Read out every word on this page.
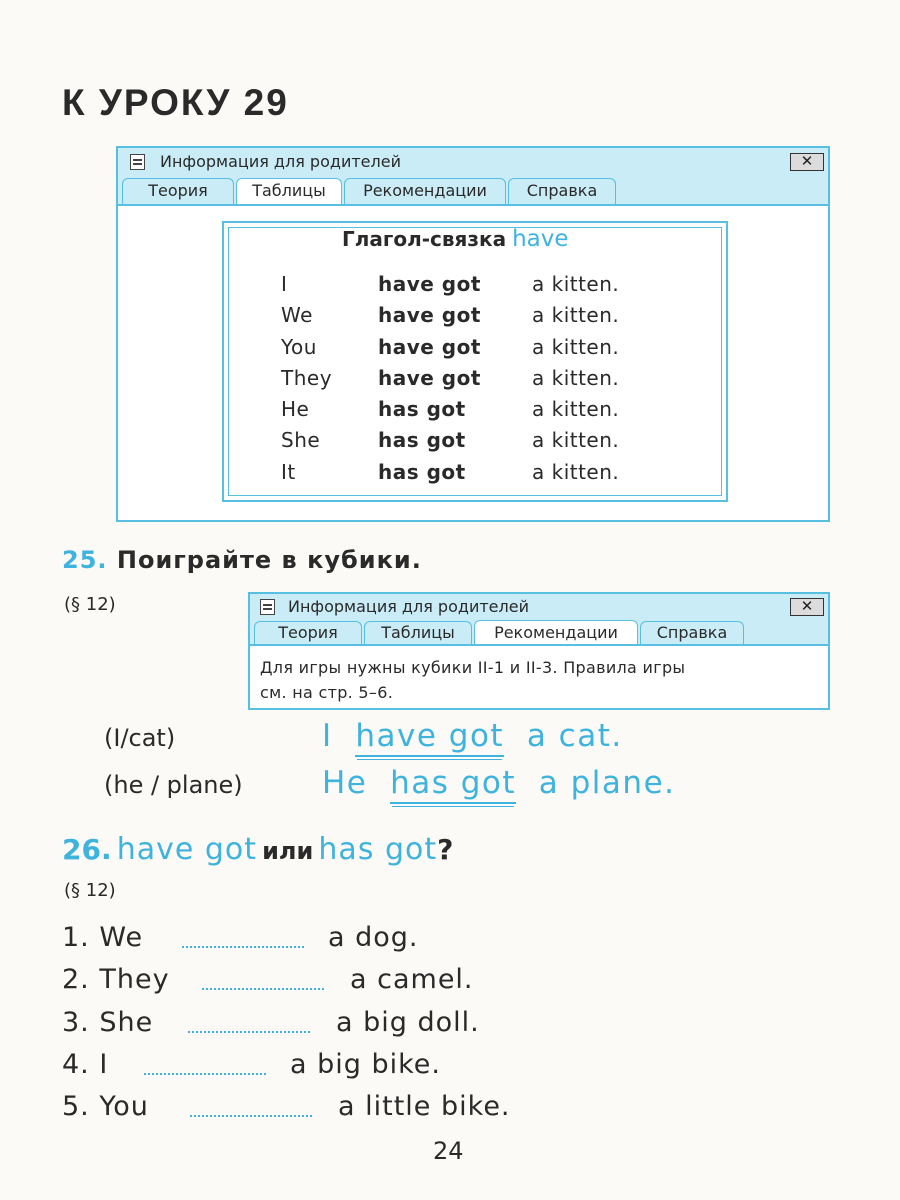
К УРОКУ 29
Информация для родителей	✕
Теория	Таблицы	Рекомендации	Справка
Глагол-связка have
I	have got	a kitten.
We	have got	a kitten.
You	have got	a kitten.
They have got	a kitten.
He	has got	a kitten.
She	has got	a kitten.
It	has got	a kitten.
25. Поиграйте в кубики.
(§ 12)	Информация для родителей	✕
Теория	Таблицы	Рекомендации	Справка
Для игры нужны кубики II-1 и II-3. Правила игры
см. на стр. 5–6.
(I/cat)	I have got a cat.
(he / plane)	He has got a plane.
26. have got или has got?
(§ 12)
1. We	a dog.
2. They	a camel.
3. She	a big doll.
4. I	a big bike.
5. You	a little bike.
24
